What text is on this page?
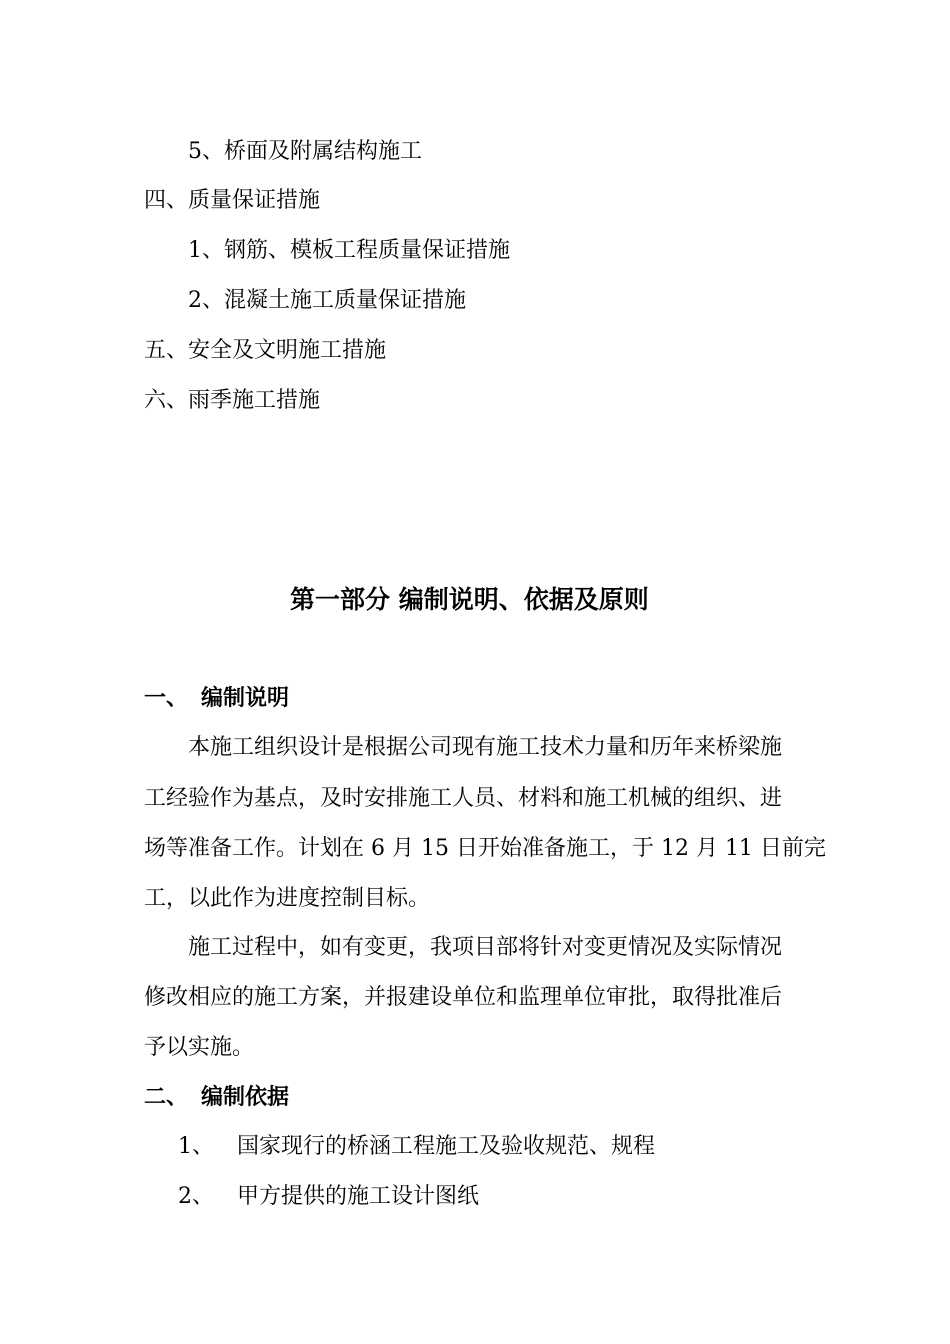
5、桥面及附属结构施工

四、质量保证措施

1、钢筋、模板工程质量保证措施

2、混凝土施工质量保证措施

五、安全及文明施工措施

六、雨季施工措施

第一部分 编制说明、依据及原则

一、 编制说明

本施工组织设计是根据公司现有施工技术力量和历年来桥梁施

工经验作为基点，及时安排施工人员、材料和施工机械的组织、进

场等准备工作。计划在 6 月 15 日开始准备施工，于 12 月 11 日前完

工，以此作为进度控制目标。

施工过程中，如有变更，我项目部将针对变更情况及实际情况

修改相应的施工方案，并报建设单位和监理单位审批，取得批准后

予以实施。

二、 编制依据

1、 国家现行的桥涵工程施工及验收规范、规程

2、 甲方提供的施工设计图纸
